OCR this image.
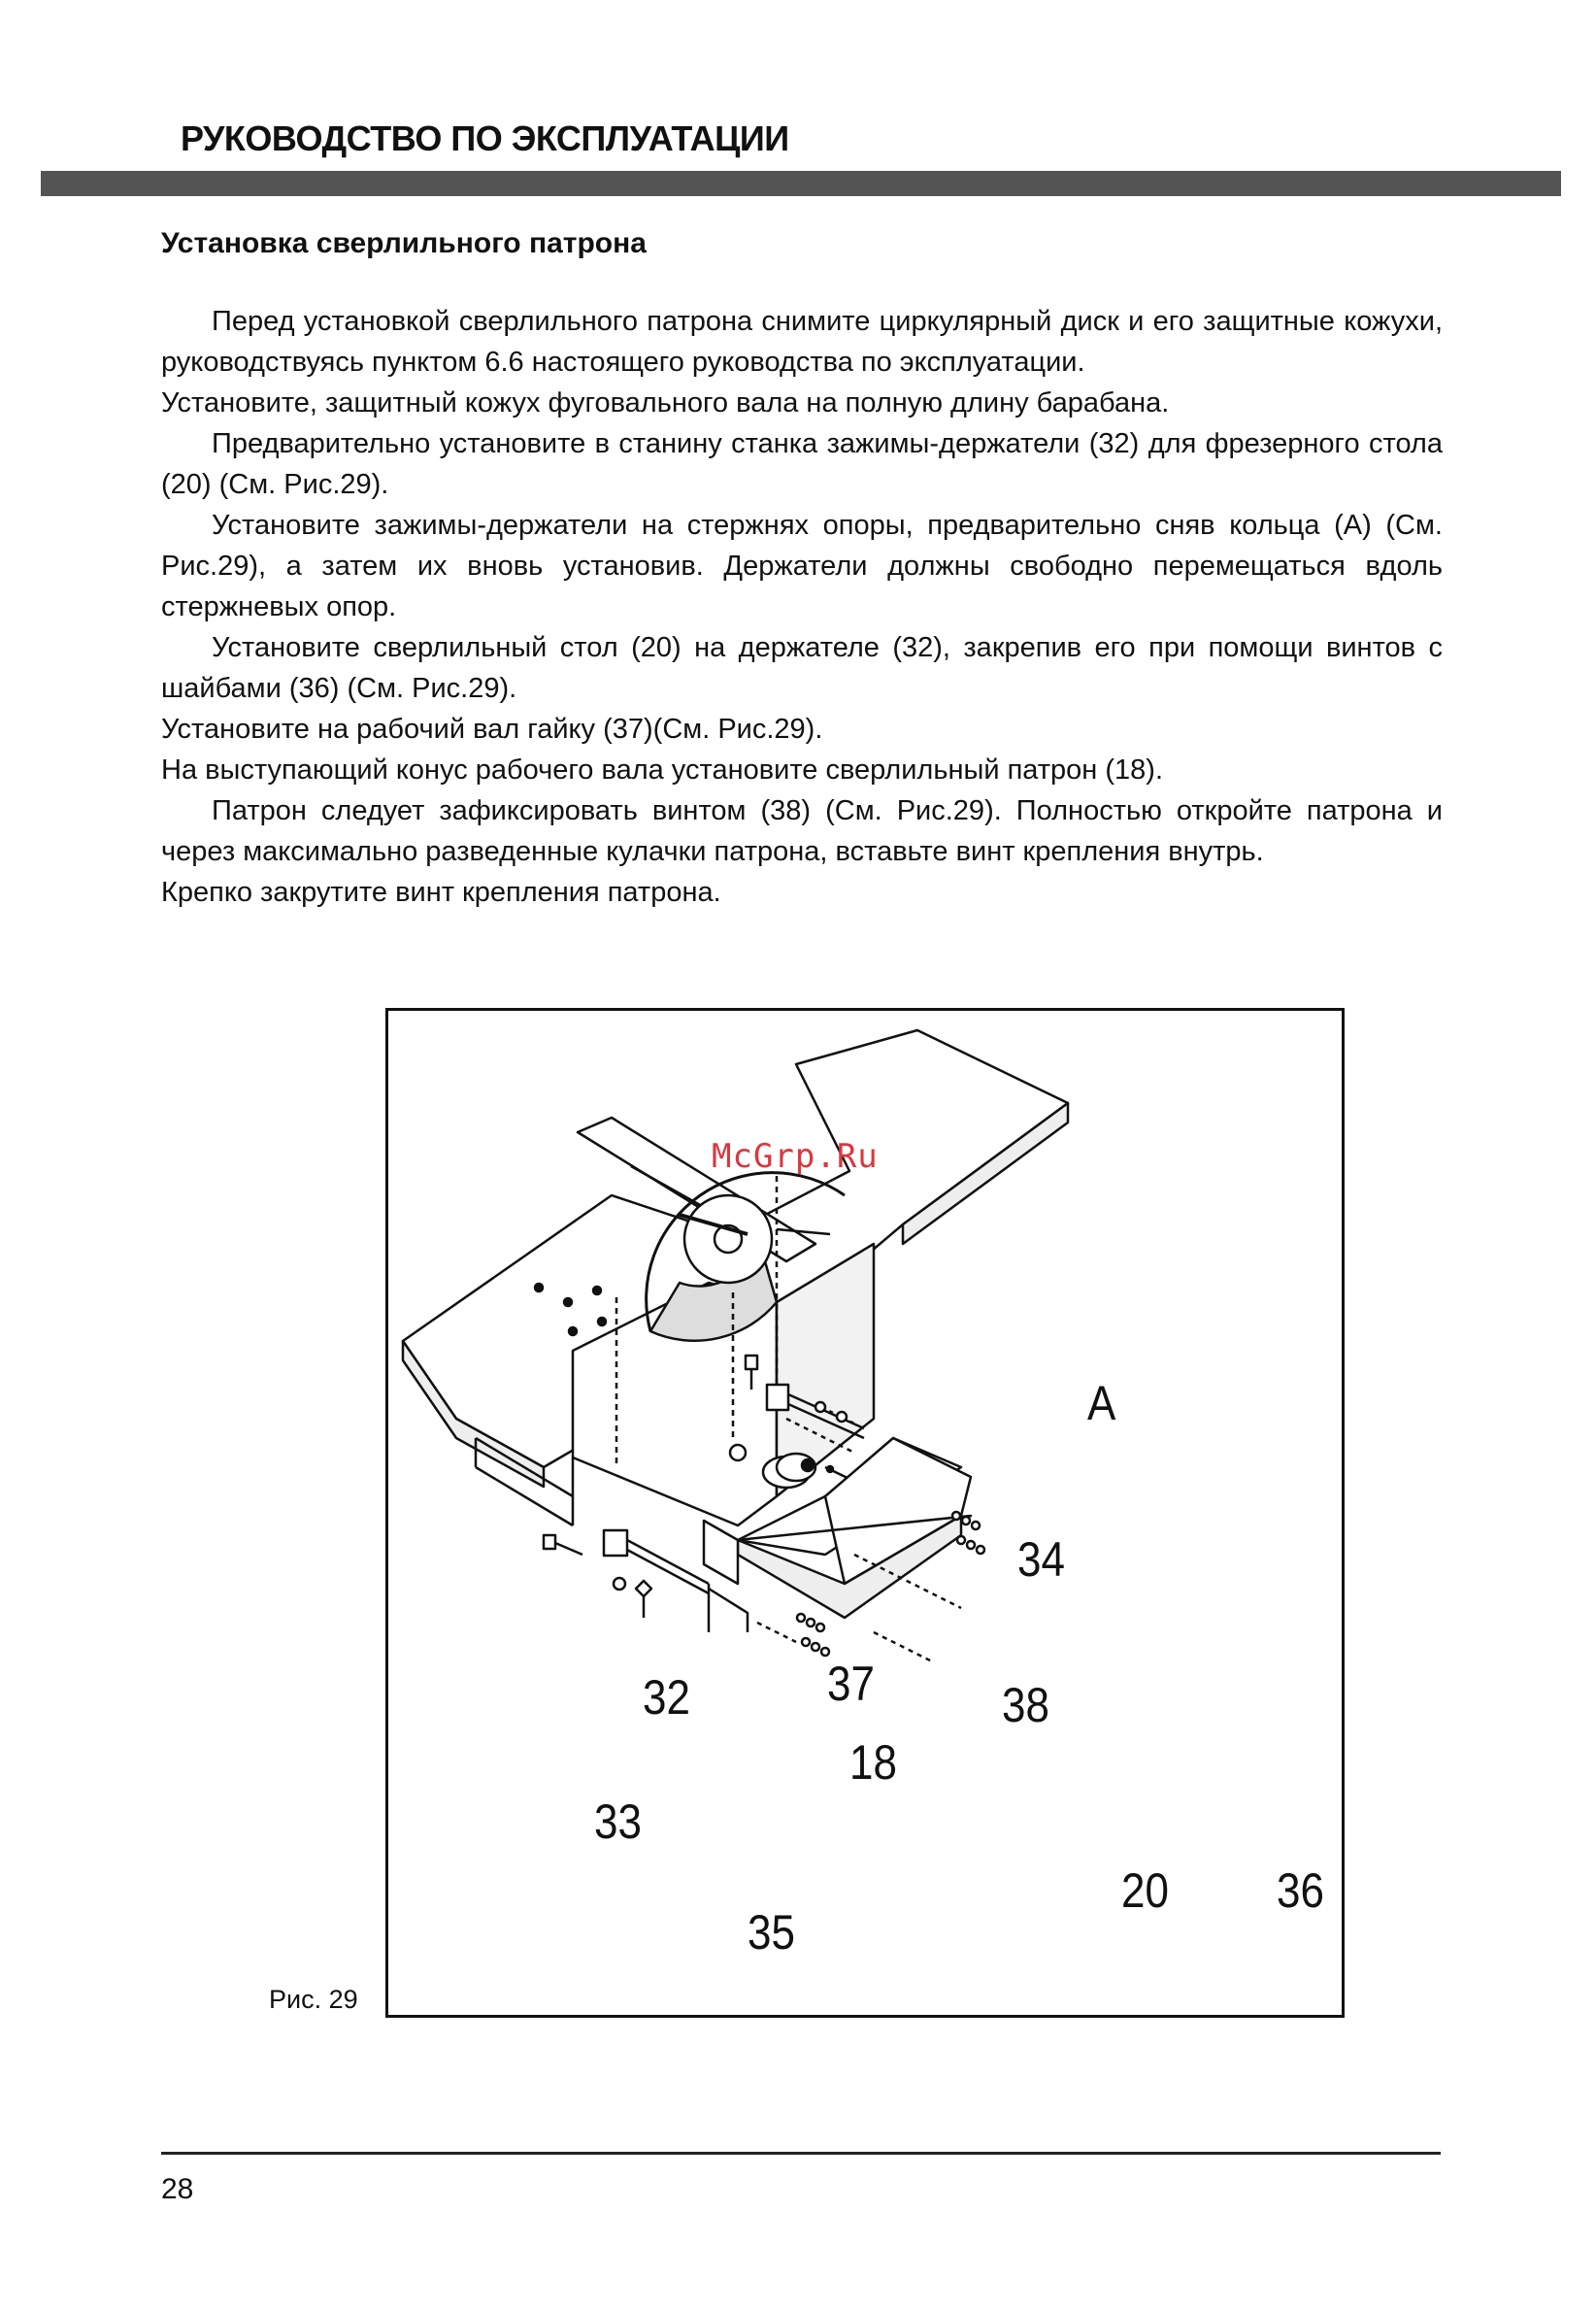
РУКОВОДСТВО ПО ЭКСПЛУАТАЦИИ
Установка сверлильного патрона

Перед установкой сверлильного патрона снимите циркулярный диск и его защитные кожухи, руководствуясь пунктом 6.6 настоящего руководства по эксплуатации.

Установите, защитный кожух фуговального вала на полную длину барабана.

Предварительно установите в станину станка зажимы-держатели (32) для фрезерного стола (20) (См. Рис.29).

Установите зажимы-держатели на стержнях опоры, предварительно сняв кольца (А) (См. Рис.29), а затем их вновь установив. Держатели должны свободно перемещаться вдоль стержневых опор.

Установите сверлильный стол (20) на держателе (32), закрепив его при помощи винтов с шайбами (36) (См. Рис.29).

Установите на рабочий вал гайку (37)(См. Рис.29).

На выступающий конус рабочего вала установите сверлильный патрон (18).

Патрон следует зафиксировать винтом (38) (См. Рис.29). Полностью откройте патрона и через максимально разведенные кулачки патрона, вставьте винт крепления внутрь.

Крепко закрутите винт крепления патрона.

McGrp.Ru
A
34
32	37	38
18
33
35
20 36
Рис. 29
28
